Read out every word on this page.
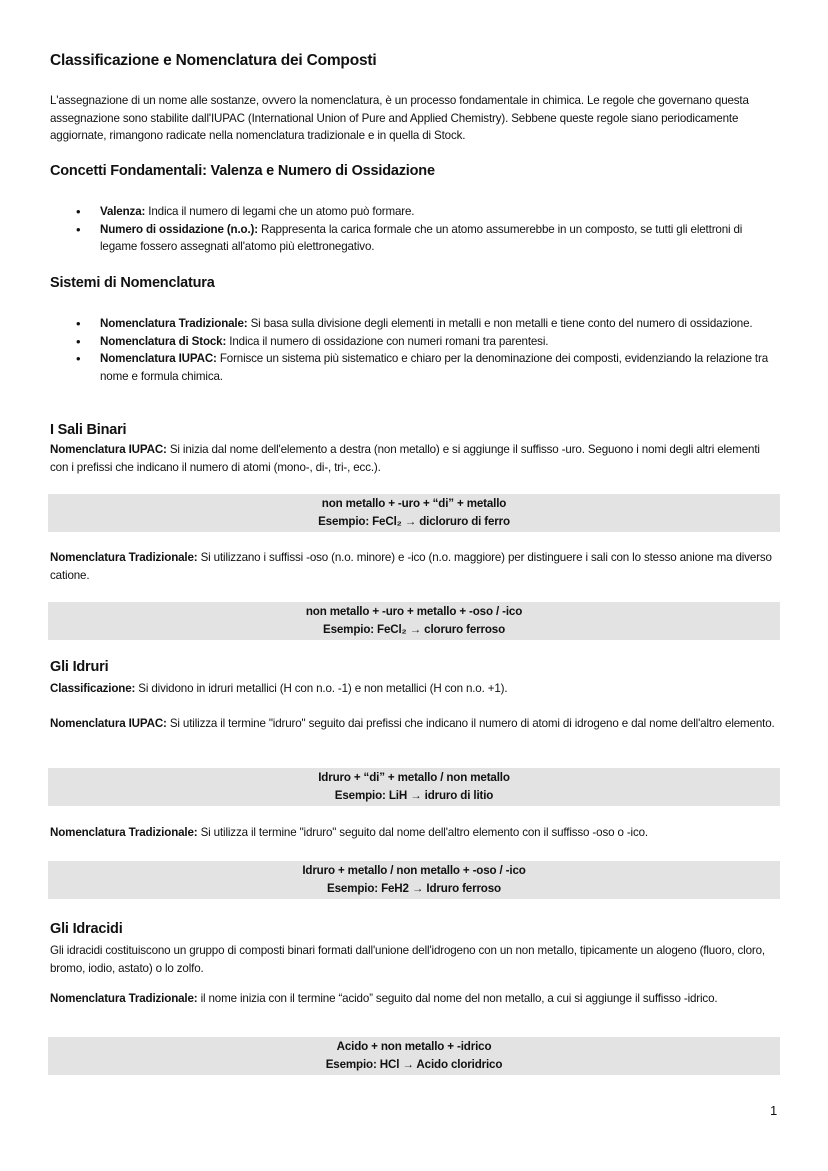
Classificazione e Nomenclatura dei Composti
L'assegnazione di un nome alle sostanze, ovvero la nomenclatura, è un processo fondamentale in chimica. Le regole che governano questa assegnazione sono stabilite dall'IUPAC (International Union of Pure and Applied Chemistry). Sebbene queste regole siano periodicamente aggiornate, rimangono radicate nella nomenclatura tradizionale e in quella di Stock.
Concetti Fondamentali: Valenza e Numero di Ossidazione
• Valenza: Indica il numero di legami che un atomo può formare.
• Numero di ossidazione (n.o.): Rappresenta la carica formale che un atomo assumerebbe in un composto, se tutti gli elettroni di legame fossero assegnati all'atomo più elettronegativo.
Sistemi di Nomenclatura
• Nomenclatura Tradizionale: Si basa sulla divisione degli elementi in metalli e non metalli e tiene conto del numero di ossidazione.
• Nomenclatura di Stock: Indica il numero di ossidazione con numeri romani tra parentesi.
• Nomenclatura IUPAC: Fornisce un sistema più sistematico e chiaro per la denominazione dei composti, evidenziando la relazione tra nome e formula chimica.
I Sali Binari
Nomenclatura IUPAC: Si inizia dal nome dell'elemento a destra (non metallo) e si aggiunge il suffisso -uro. Seguono i nomi degli altri elementi con i prefissi che indicano il numero di atomi (mono-, di-, tri-, ecc.).
non metallo + -uro + “di” + metallo
Esempio: FeCl₂ → dicloruro di ferro
Nomenclatura Tradizionale: Si utilizzano i suffissi -oso (n.o. minore) e -ico (n.o. maggiore) per distinguere i sali con lo stesso anione ma diverso catione.
non metallo + -uro + metallo + -oso / -ico
Esempio: FeCl₂ → cloruro ferroso
Gli Idruri
Classificazione: Si dividono in idruri metallici (H con n.o. -1) e non metallici (H con n.o. +1).
Nomenclatura IUPAC: Si utilizza il termine "idruro" seguito dai prefissi che indicano il numero di atomi di idrogeno e dal nome dell'altro elemento.
Idruro + “di” + metallo / non metallo
Esempio: LiH → idruro di litio
Nomenclatura Tradizionale: Si utilizza il termine "idruro" seguito dal nome dell'altro elemento con il suffisso -oso o -ico.
Idruro + metallo / non metallo + -oso / -ico
Esempio: FeH2 → Idruro ferroso
Gli Idracidi
Gli idracidi costituiscono un gruppo di composti binari formati dall'unione dell'idrogeno con un non metallo, tipicamente un alogeno (fluoro, cloro, bromo, iodio, astato) o lo zolfo.
Nomenclatura Tradizionale: il nome inizia con il termine “acido” seguito dal nome del non metallo, a cui si aggiunge il suffisso -idrico.
Acido + non metallo + -idrico
Esempio: HCl → Acido cloridrico
1
